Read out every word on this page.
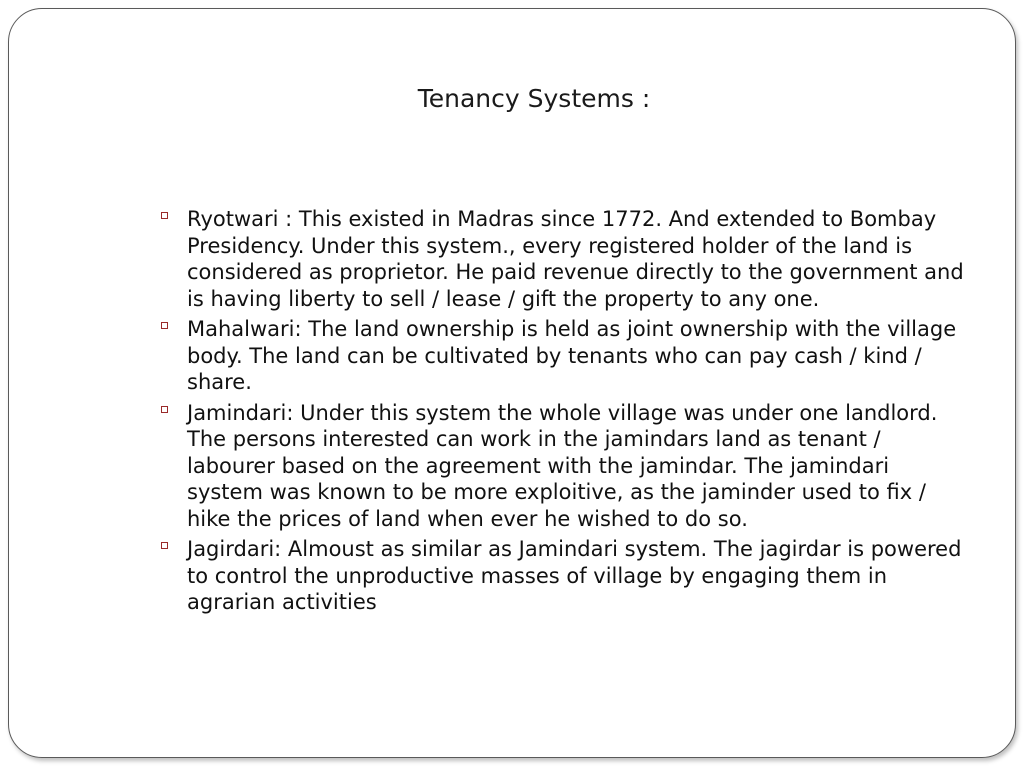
Tenancy Systems :
Ryotwari : This existed in Madras since 1772. And extended to Bombay Presidency. Under this system., every registered holder of the land is considered as proprietor. He paid revenue directly to the government and is having liberty to sell / lease / gift the property to any one.
Mahalwari: The land ownership is held as joint ownership with the village body. The land can be cultivated by tenants who can pay cash / kind / share.
Jamindari: Under this system the whole village was under one landlord. The persons interested can work in the jamindars land as tenant / labourer based on the agreement with the jamindar. The jamindari system was known to be more exploitive, as the jaminder used to fix / hike the prices of land when ever he wished to do so.
Jagirdari: Almoust as similar as Jamindari system. The jagirdar is powered to control the unproductive masses of village by engaging them in agrarian activities
